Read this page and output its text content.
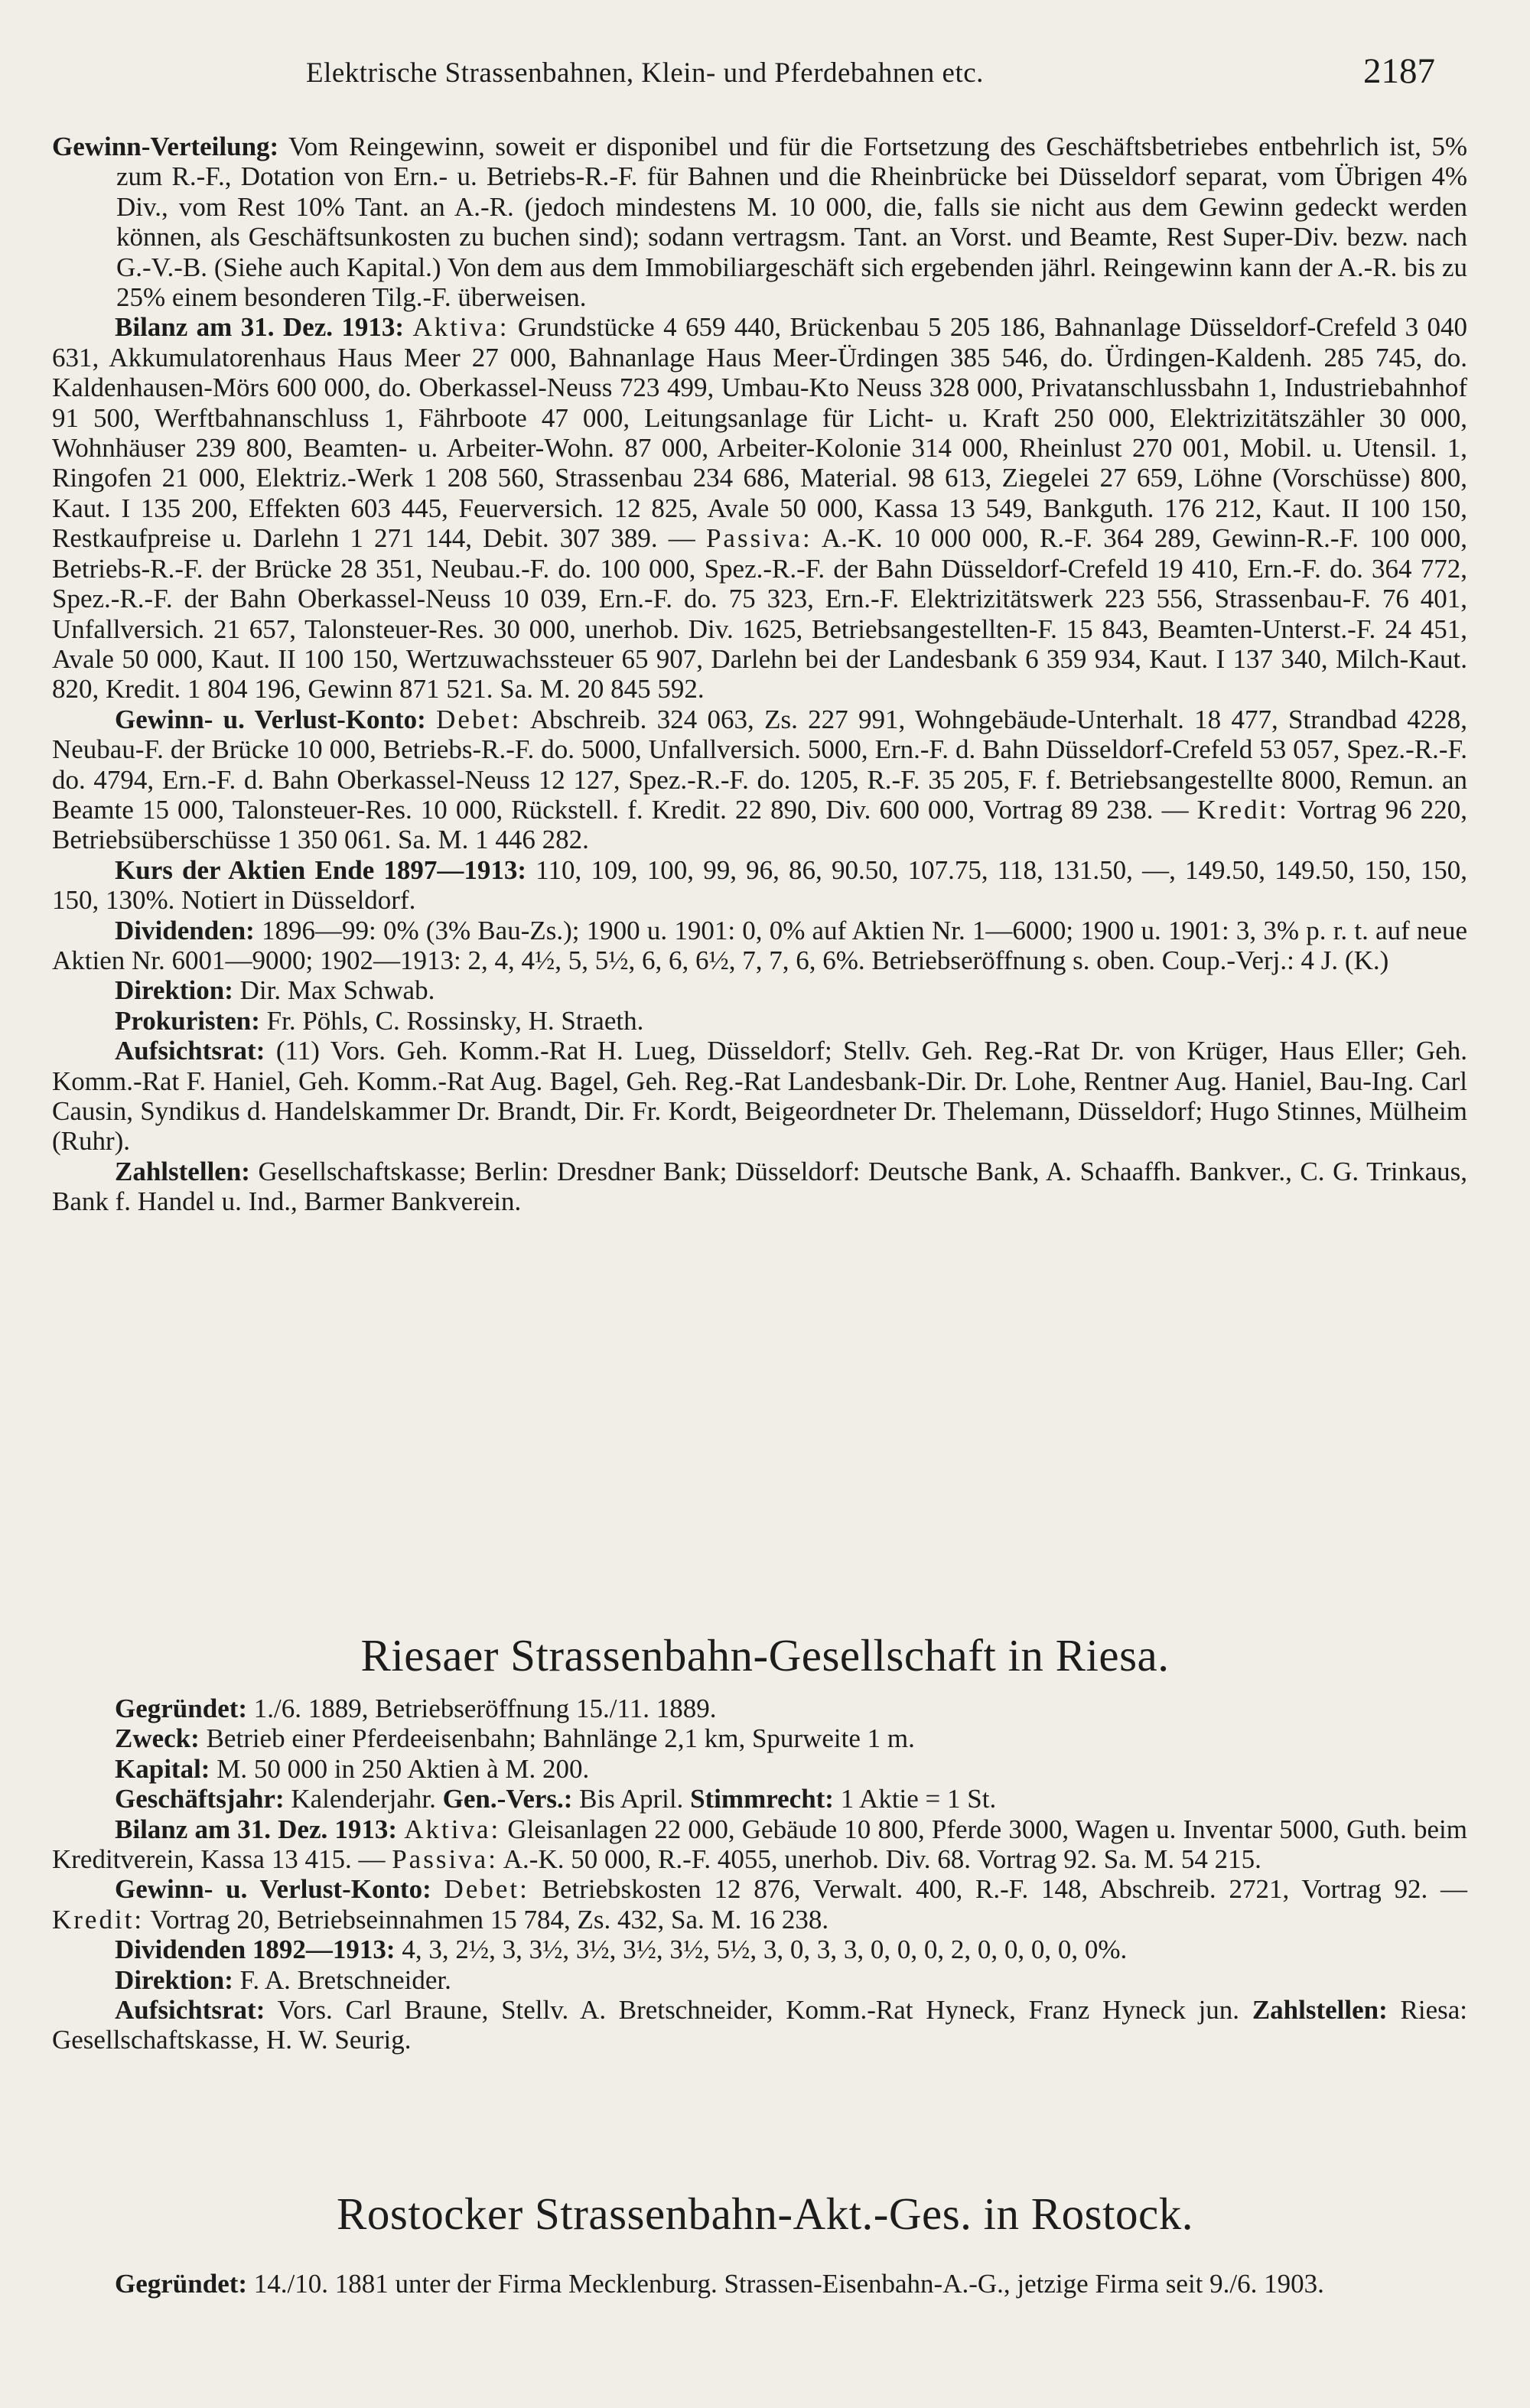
Elektrische Strassenbahnen, Klein- und Pferdebahnen etc.	2187

Gewinn-Verteilung: Vom Reingewinn, soweit er disponibel und für die Fortsetzung des Geschäftsbetriebes entbehrlich ist, 5% zum R.-F., Dotation von Ern.- u. Betriebs-R.-F. für Bahnen und die Rheinbrücke bei Düsseldorf separat, vom Übrigen 4% Div., vom Rest 10% Tant. an A.-R. (jedoch mindestens M. 10 000, die, falls sie nicht aus dem Gewinn gedeckt werden können, als Geschäftsunkosten zu buchen sind); sodann vertragsm. Tant. an Vorst. und Beamte, Rest Super-Div. bezw. nach G.-V.-B. (Siehe auch Kapital.) Von dem aus dem Immobiliargeschäft sich ergebenden jährl. Reingewinn kann der A.-R. bis zu 25% einem besonderen Tilg.-F. überweisen.

Bilanz am 31. Dez. 1913: Aktiva: Grundstücke 4 659 440, Brückenbau 5 205 186, Bahnanlage Düsseldorf-Crefeld 3 040 631, Akkumulatorenhaus Haus Meer 27 000, Bahnanlage Haus Meer-Ürdingen 385 546, do. Ürdingen-Kaldenh. 285 745, do. Kaldenhausen-Mörs 600 000, do. Oberkassel-Neuss 723 499, Umbau-Kto Neuss 328 000, Privatanschlussbahn 1, Industriebahnhof 91 500, Werftbahnanschluss 1, Fährboote 47 000, Leitungsanlage für Licht- u. Kraft 250 000, Elektrizitätszähler 30 000, Wohnhäuser 239 800, Beamten- u. Arbeiter-Wohn. 87 000, Arbeiter-Kolonie 314 000, Rheinlust 270 001, Mobil. u. Utensil. 1, Ringofen 21 000, Elektriz.-Werk 1 208 560, Strassenbau 234 686, Material. 98 613, Ziegelei 27 659, Löhne (Vorschüsse) 800, Kaut. I 135 200, Effekten 603 445, Feuerversich. 12 825, Avale 50 000, Kassa 13 549, Bankguth. 176 212, Kaut. II 100 150, Restkaufpreise u. Darlehn 1 271 144, Debit. 307 389. — Passiva: A.-K. 10 000 000, R.-F. 364 289, Gewinn-R.-F. 100 000, Betriebs-R.-F. der Brücke 28 351, Neubau.-F. do. 100 000, Spez.-R.-F. der Bahn Düsseldorf-Crefeld 19 410, Ern.-F. do. 364 772, Spez.-R.-F. der Bahn Oberkassel-Neuss 10 039, Ern.-F. do. 75 323, Ern.-F. Elektrizitätswerk 223 556, Strassenbau-F. 76 401, Unfallversich. 21 657, Talonsteuer-Res. 30 000, unerhob. Div. 1625, Betriebsangestellten-F. 15 843, Beamten-Unterst.-F. 24 451, Avale 50 000, Kaut. II 100 150, Wertzuwachssteuer 65 907, Darlehn bei der Landesbank 6 359 934, Kaut. I 137 340, Milch-Kaut. 820, Kredit. 1 804 196, Gewinn 871 521. Sa. M. 20 845 592.

Gewinn- u. Verlust-Konto: Debet: Abschreib. 324 063, Zs. 227 991, Wohngebäude-Unterhalt. 18 477, Strandbad 4228, Neubau-F. der Brücke 10 000, Betriebs-R.-F. do. 5000, Unfallversich. 5000, Ern.-F. d. Bahn Düsseldorf-Crefeld 53 057, Spez.-R.-F. do. 4794, Ern.-F. d. Bahn Oberkassel-Neuss 12 127, Spez.-R.-F. do. 1205, R.-F. 35 205, F. f. Betriebsangestellte 8000, Remun. an Beamte 15 000, Talonsteuer-Res. 10 000, Rückstell. f. Kredit. 22 890, Div. 600 000, Vortrag 89 238. — Kredit: Vortrag 96 220, Betriebsüberschüsse 1 350 061. Sa. M. 1 446 282.

Kurs der Aktien Ende 1897—1913: 110, 109, 100, 99, 96, 86, 90.50, 107.75, 118, 131.50, —, 149.50, 149.50, 150, 150, 150, 130%. Notiert in Düsseldorf.

Dividenden: 1896—99: 0% (3% Bau-Zs.); 1900 u. 1901: 0, 0% auf Aktien Nr. 1—6000; 1900 u. 1901: 3, 3% p. r. t. auf neue Aktien Nr. 6001—9000; 1902—1913: 2, 4, 4½, 5, 5½, 6, 6, 6½, 7, 7, 6, 6%. Betriebseröffnung s. oben. Coup.-Verj.: 4 J. (K.)

Direktion: Dir. Max Schwab.

Prokuristen: Fr. Pöhls, C. Rossinsky, H. Straeth.

Aufsichtsrat: (11) Vors. Geh. Komm.-Rat H. Lueg, Düsseldorf; Stellv. Geh. Reg.-Rat Dr. von Krüger, Haus Eller; Geh. Komm.-Rat F. Haniel, Geh. Komm.-Rat Aug. Bagel, Geh. Reg.-Rat Landesbank-Dir. Dr. Lohe, Rentner Aug. Haniel, Bau-Ing. Carl Causin, Syndikus d. Handelskammer Dr. Brandt, Dir. Fr. Kordt, Beigeordneter Dr. Thelemann, Düsseldorf; Hugo Stinnes, Mülheim (Ruhr).

Zahlstellen: Gesellschaftskasse; Berlin: Dresdner Bank; Düsseldorf: Deutsche Bank, A. Schaaffh. Bankver., C. G. Trinkaus, Bank f. Handel u. Ind., Barmer Bankverein.

Riesaer Strassenbahn-Gesellschaft in Riesa.

Gegründet: 1./6. 1889, Betriebseröffnung 15./11. 1889.

Zweck: Betrieb einer Pferdeeisenbahn; Bahnlänge 2,1 km, Spurweite 1 m.

Kapital: M. 50 000 in 250 Aktien à M. 200.

Geschäftsjahr: Kalenderjahr. Gen.-Vers.: Bis April. Stimmrecht: 1 Aktie = 1 St.

Bilanz am 31. Dez. 1913: Aktiva: Gleisanlagen 22 000, Gebäude 10 800, Pferde 3000, Wagen u. Inventar 5000, Guth. beim Kreditverein, Kassa 13 415. — Passiva: A.-K. 50 000, R.-F. 4055, unerhob. Div. 68. Vortrag 92. Sa. M. 54 215.

Gewinn- u. Verlust-Konto: Debet: Betriebskosten 12 876, Verwalt. 400, R.-F. 148, Abschreib. 2721, Vortrag 92. — Kredit: Vortrag 20, Betriebseinnahmen 15 784, Zs. 432, Sa. M. 16 238.

Dividenden 1892—1913: 4, 3, 2½, 3, 3½, 3½, 3½, 3½, 5½, 3, 0, 3, 3, 0, 0, 0, 2, 0, 0, 0, 0, 0%.

Direktion: F. A. Bretschneider.

Aufsichtsrat: Vors. Carl Braune, Stellv. A. Bretschneider, Komm.-Rat Hyneck, Franz Hyneck jun. Zahlstellen: Riesa: Gesellschaftskasse, H. W. Seurig.

Rostocker Strassenbahn-Akt.-Ges. in Rostock.

Gegründet: 14./10. 1881 unter der Firma Mecklenburg. Strassen-Eisenbahn-A.-G., jetzige Firma seit 9./6. 1903.
